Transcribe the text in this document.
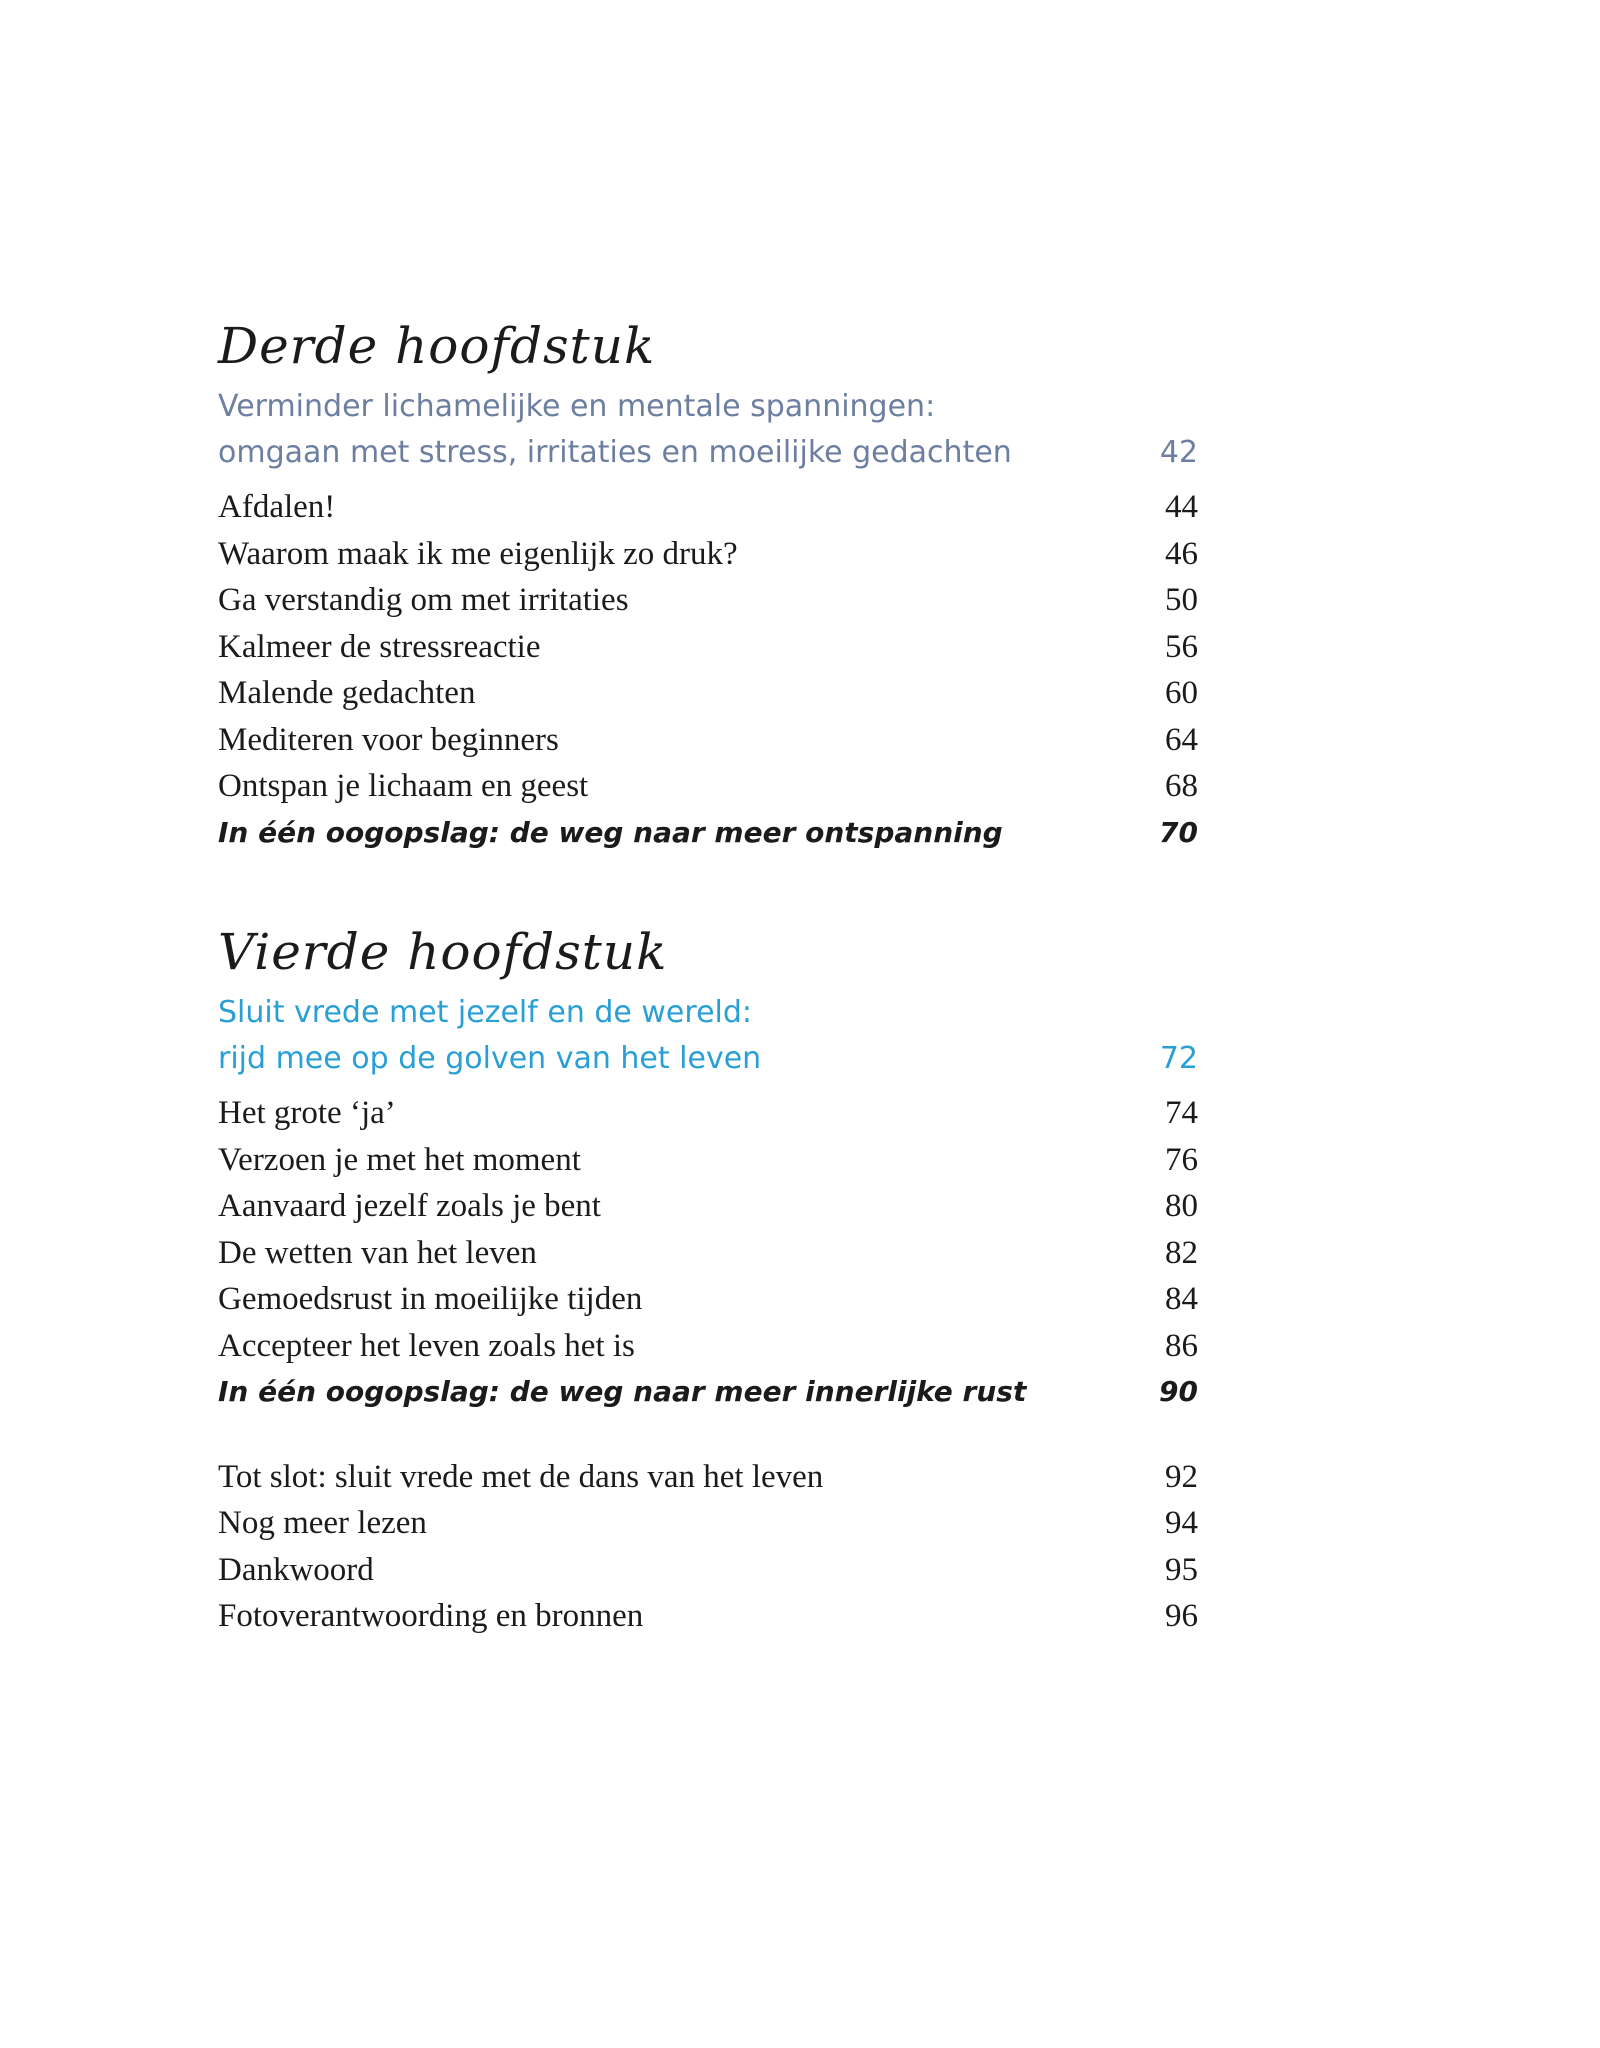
Derde hoofdstuk
Verminder lichamelijke en mentale spanningen:
omgaan met stress, irritaties en moeilijke gedachten	42
Afdalen!	44
Waarom maak ik me eigenlijk zo druk?	46
Ga verstandig om met irritaties	50
Kalmeer de stressreactie	56
Malende gedachten	60
Mediteren voor beginners	64
Ontspan je lichaam en geest	68
In één oogopslag: de weg naar meer ontspanning	70
Vierde hoofdstuk
Sluit vrede met jezelf en de wereld:
rijd mee op de golven van het leven	72
Het grote ‘ja’	74
Verzoen je met het moment	76
Aanvaard jezelf zoals je bent	80
De wetten van het leven	82
Gemoedsrust in moeilijke tijden	84
Accepteer het leven zoals het is	86
In één oogopslag: de weg naar meer innerlijke rust	90
Tot slot: sluit vrede met de dans van het leven	92
Nog meer lezen	94
Dankwoord	95
Fotoverantwoording en bronnen	96
